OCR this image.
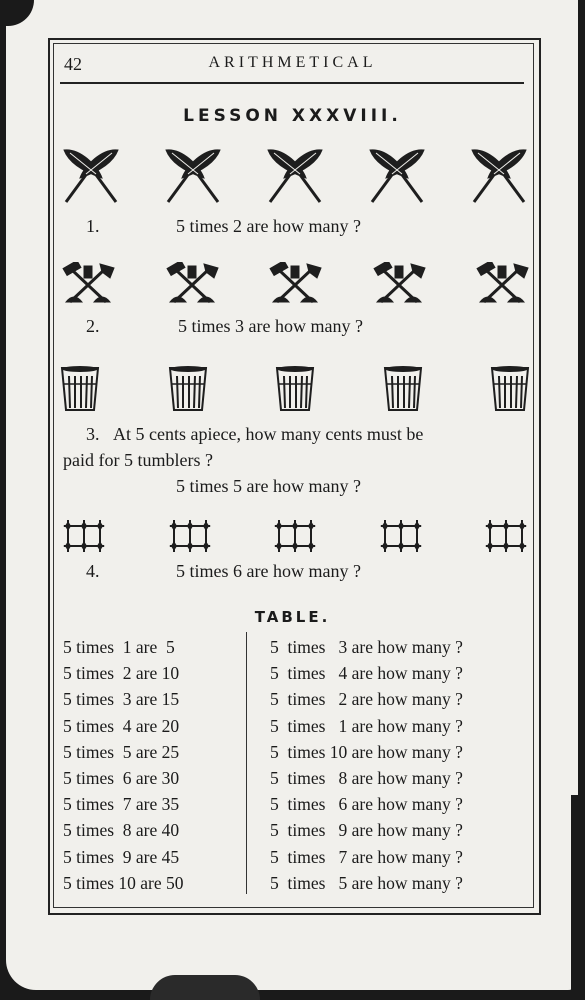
42	ARITHMETICAL
LESSON XXXVIII.
1.	5 times 2 are how many ?
2.	5 times 3 are how many ?
3. At 5 cents apiece, how many cents must be
paid for 5 tumblers ?
5 times 5 are how many ?
4.	5 times 6 are how many ?
TABLE.
5 times  1 are  5
5 times  2 are 10
5 times  3 are 15
5 times  4 are 20
5 times  5 are 25
5 times  6 are 30
5 times  7 are 35
5 times  8 are 40
5 times  9 are 45
5 times 10 are 50
5  times   3 are how many ?
5  times   4 are how many ?
5  times   2 are how many ?
5  times   1 are how many ?
5  times 10 are how many ?
5  times   8 are how many ?
5  times   6 are how many ?
5  times   9 are how many ?
5  times   7 are how many ?
5  times   5 are how many ?
